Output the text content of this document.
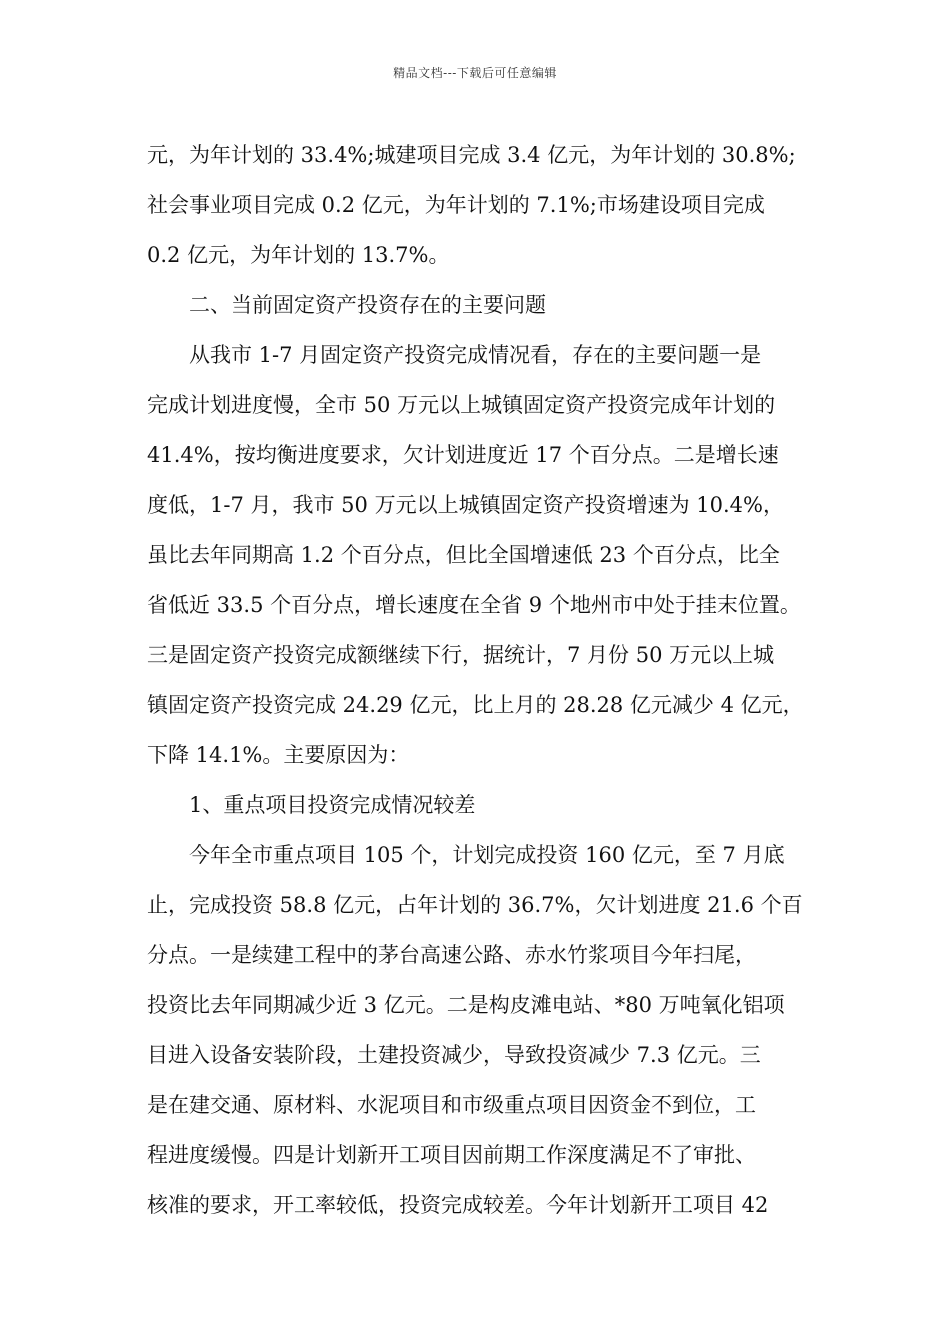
精品文档---下载后可任意编辑
元，为年计划的 33.4%;城建项目完成 3.4 亿元，为年计划的 30.8%;
社会事业项目完成 0.2 亿元，为年计划的 7.1%;市场建设项目完成
0.2 亿元，为年计划的 13.7%。
二、当前固定资产投资存在的主要问题
从我市 1-7 月固定资产投资完成情况看，存在的主要问题一是
完成计划进度慢，全市 50 万元以上城镇固定资产投资完成年计划的
41.4%，按均衡进度要求，欠计划进度近 17 个百分点。二是增长速
度低，1-7 月，我市 50 万元以上城镇固定资产投资增速为 10.4%，
虽比去年同期高 1.2 个百分点，但比全国增速低 23 个百分点，比全
省低近 33.5 个百分点，增长速度在全省 9 个地州市中处于挂末位置。
三是固定资产投资完成额继续下行，据统计，7 月份 50 万元以上城
镇固定资产投资完成 24.29 亿元，比上月的 28.28 亿元减少 4 亿元，
下降 14.1%。主要原因为：
1、重点项目投资完成情况较差
今年全市重点项目 105 个，计划完成投资 160 亿元，至 7 月底
止，完成投资 58.8 亿元，占年计划的 36.7%，欠计划进度 21.6 个百
分点。一是续建工程中的茅台高速公路、赤水竹浆项目今年扫尾，
投资比去年同期减少近 3 亿元。二是构皮滩电站、*80 万吨氧化铝项
目进入设备安装阶段，土建投资减少，导致投资减少 7.3 亿元。三
是在建交通、原材料、水泥项目和市级重点项目因资金不到位，工
程进度缓慢。四是计划新开工项目因前期工作深度满足不了审批、
核准的要求，开工率较低，投资完成较差。今年计划新开工项目 42
